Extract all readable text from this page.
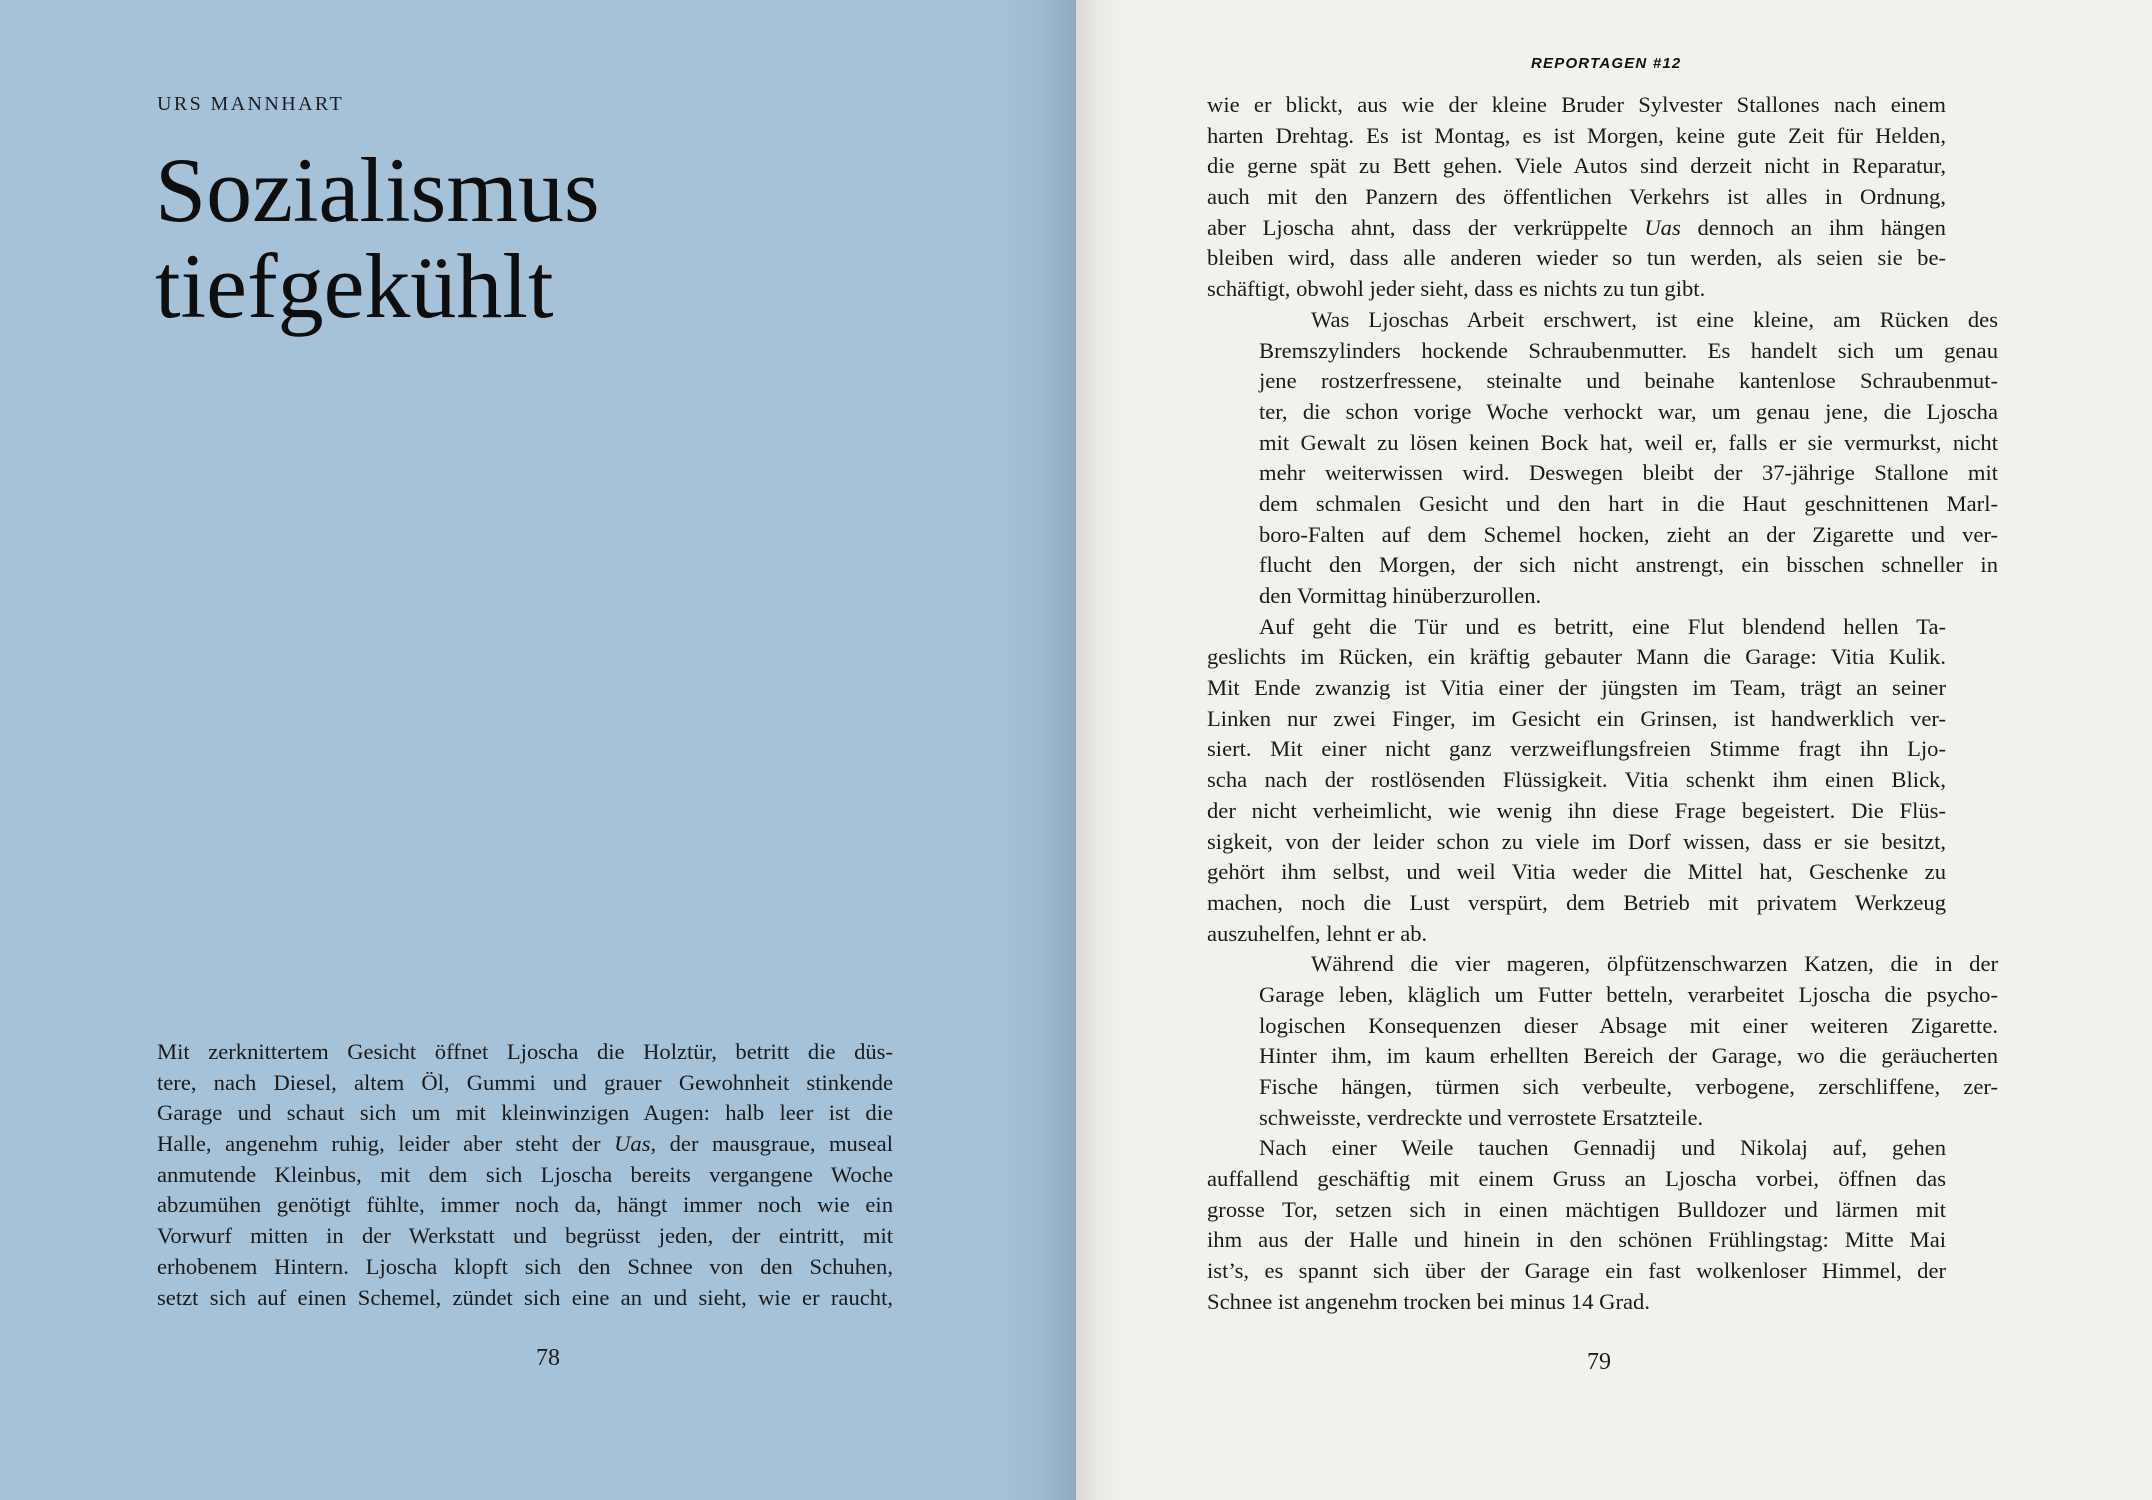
URS MANNHART
Sozialismus
tiefgekühlt
Mit zerknittertem Gesicht öffnet Ljoscha die Holztür, betritt die düs-
tere, nach Diesel, altem Öl, Gummi und grauer Gewohnheit stinkende
Garage und schaut sich um mit kleinwinzigen Augen: halb leer ist die
Halle, angenehm ruhig, leider aber steht der Uas, der mausgraue, museal
anmutende Kleinbus, mit dem sich Ljoscha bereits vergangene Woche
abzumühen genötigt fühlte, immer noch da, hängt immer noch wie ein
Vorwurf mitten in der Werkstatt und begrüsst jeden, der eintritt, mit
erhobenem Hintern. Ljoscha klopft sich den Schnee von den Schuhen,
setzt sich auf einen Schemel, zündet sich eine an und sieht, wie er raucht,
78
REPORTAGEN #12
wie er blickt, aus wie der kleine Bruder Sylvester Stallones nach einem
harten Drehtag. Es ist Montag, es ist Morgen, keine gute Zeit für Helden,
die gerne spät zu Bett gehen. Viele Autos sind derzeit nicht in Reparatur,
auch mit den Panzern des öffentlichen Verkehrs ist alles in Ordnung,
aber Ljoscha ahnt, dass der verkrüppelte Uas dennoch an ihm hängen
bleiben wird, dass alle anderen wieder so tun werden, als seien sie be-
schäftigt, obwohl jeder sieht, dass es nichts zu tun gibt.
Was Ljoschas Arbeit erschwert, ist eine kleine, am Rücken des
Bremszylinders hockende Schraubenmutter. Es handelt sich um genau
jene rostzerfressene, steinalte und beinahe kantenlose Schraubenmut-
ter, die schon vorige Woche verhockt war, um genau jene, die Ljoscha
mit Gewalt zu lösen keinen Bock hat, weil er, falls er sie vermurkst, nicht
mehr weiterwissen wird. Deswegen bleibt der 37-jährige Stallone mit
dem schmalen Gesicht und den hart in die Haut geschnittenen Marl-
boro-Falten auf dem Schemel hocken, zieht an der Zigarette und ver-
flucht den Morgen, der sich nicht anstrengt, ein bisschen schneller in
den Vormittag hinüberzurollen.
Auf geht die Tür und es betritt, eine Flut blendend hellen Ta-
geslichts im Rücken, ein kräftig gebauter Mann die Garage: Vitia Kulik.
Mit Ende zwanzig ist Vitia einer der jüngsten im Team, trägt an seiner
Linken nur zwei Finger, im Gesicht ein Grinsen, ist handwerklich ver-
siert. Mit einer nicht ganz verzweiflungsfreien Stimme fragt ihn Ljo-
scha nach der rostlösenden Flüssigkeit. Vitia schenkt ihm einen Blick,
der nicht verheimlicht, wie wenig ihn diese Frage begeistert. Die Flüs-
sigkeit, von der leider schon zu viele im Dorf wissen, dass er sie besitzt,
gehört ihm selbst, und weil Vitia weder die Mittel hat, Geschenke zu
machen, noch die Lust verspürt, dem Betrieb mit privatem Werkzeug
auszuhelfen, lehnt er ab.
Während die vier mageren, ölpfützenschwarzen Katzen, die in der
Garage leben, kläglich um Futter betteln, verarbeitet Ljoscha die psycho-
logischen Konsequenzen dieser Absage mit einer weiteren Zigarette.
Hinter ihm, im kaum erhellten Bereich der Garage, wo die geräucherten
Fische hängen, türmen sich verbeulte, verbogene, zerschliffene, zer-
schweisste, verdreckte und verrostete Ersatzteile.
Nach einer Weile tauchen Gennadij und Nikolaj auf, gehen
auffallend geschäftig mit einem Gruss an Ljoscha vorbei, öffnen das
grosse Tor, setzen sich in einen mächtigen Bulldozer und lärmen mit
ihm aus der Halle und hinein in den schönen Frühlingstag: Mitte Mai
ist’s, es spannt sich über der Garage ein fast wolkenloser Himmel, der
Schnee ist angenehm trocken bei minus 14 Grad.
79
